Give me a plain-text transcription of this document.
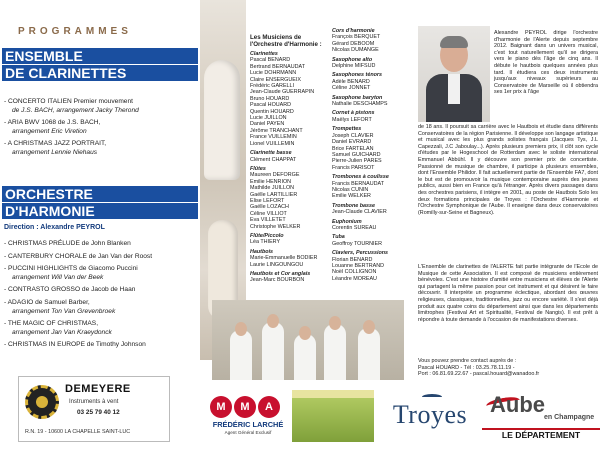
PROGRAMMES
ENSEMBLE
DE CLARINETTES
- CONCERTO ITALIEN Premier mouvement
de J.S. BACH, arrangement Jacky Therond
- ARIA BWV 1068 de J.S. BACH,
arrangement Eric Viretion
- A CHRISTMAS JAZZ PORTRAIT,
arrangement Lennie Niehaus
ORCHESTRE
D'HARMONIE
Direction : Alexandre PEYROL
- CHRISTMAS PRÉLUDE de John Blanken
- CANTERBURY CHORALE de Jan Van der Roost
- PUCCINI HIGHLIGHTS de Giacomo Puccini
arrangement Will Van der Beek
- CONTRASTO GROSSO de Jacob de Haan
- ADAGIO de Samuel Barber,
arrangement Ton Van Grevenbroek
- THE MAGIC OF CHRISTMAS,
arrangement Jan Van Kraeydonck
- CHRISTMAS IN EUROPE de Timothy Johnson
DEMEYERE
Instruments à vent
03 25 79 40 12
R.N. 19 - 10600 LA CHAPELLE SAINT-LUC
Les Musiciens de l'Orchestre d'Harmonie :
Clarinettes
Pascal BENARD
Bertrand BERNAUDAT
Lucie DOHRMANN
Claire ENSERGUEIX
Frédéric GARELLI
Jean-Claude GUERRAPIN
Bruno HOUARD
Pascal HOUARD
Quentin HOUARD
Lucie JUILLON
Daniel PAYEN
Jérôme TRANCHANT
France VUILLEMIN
Lionel VUILLEMIN
Clarinette basse
Clément CHAPPAT
Flûtes
Maureen DEFORGE
Emilie HENRION
Mathilde JUILLON
Gaëlle LARTILLIER
Elise LEFORT
Gaëlle LOZACH
Céline VILLIOT
Eva VILLETET
Christophe WELKER
Flûte/Piccolo
Léa THIERY
Hautbois
Marie-Emmanuelle BODIER
Laurie LINGOUNGOU
Hautbois et Cor anglais
Jean-Marc BOURBON
Cors d'harmonie
François BERQUET
Gérard DEBOOM
Nicolas DUMANGE
Saxophone alto
Delphine MIFSUD
Saxophones ténors
Adèle BENARD
Céline JONNET
Saxophone baryton
Nathalie DESCHAMPS
Cornet à pistons
Maëlys LEFORT
Trompettes
Joseph CLAVIER
Daniel EVRARD
Brice FARTELAN
Samuel GUICHARD
Pierre-Julien PARES
Francis PARISOT
Trombones à coulisse
Francis BERNAUDAT
Nicolas CUNIN
Emilie WELKER
Trombone basse
Jean-Claude CLAVIER
Euphonium
Corentin SUREAU
Tuba
Geoffroy TOURNIER
Claviers, Percussions
Florian BENARD
Louanne BERTRAND
Noël COLLIGNON
Léandre MOREAU
Alexandre PEYROL dirige l'orchestre d'harmonie de l'Alerte depuis septembre 2012. Baignant dans un univers musical, c'est tout naturellement qu'il se dirigera vers le piano dès l'âge de cinq ans. Il débute le hautbois quelques années plus tard. Il étudiera ces deux instruments jusqu'aux niveaux supérieurs au Conservatoire de Marseille où il obtiendra ses 1er prix à l'âge
de 18 ans. Il poursuit sa carrière avec le Hautbois et étudie dans différents Conservatoires de la région Parisienne. Il développe son langage artistique et musical avec les plus grands solistes français (Jacques Tys, J.L Capezzali, J.C Jaboulay...). Après plusieurs premiers prix, il clôt son cycle d'études par le Hogeschool de Rotterdam avec le soliste international Emmanuel Abbühl. Il y découvre son premier prix de concertiste. Passionné de musique de chambre, il participe à plusieurs ensembles, dont l'Ensemble Philidor. Il fait actuellement partie de l'Ensemble FA7, dont le but est de promouvoir la musique contemporaine auprès des jeunes publics, aussi bien en France qu'à l'étranger. Après divers passages dans des orchestres parisiens, il intègre en 2001, au poste de Hautbois Solo les deux formations principales de Troyes : l'Orchestre d'Harmonie et l'Orchestre Symphonique de l'Aube. Il enseigne dans deux conservatoires (Romilly-sur-Seine et Bagneux).
L'Ensemble de clarinettes de l'ALERTE fait partie intégrante de l'Ecole de Musique de cette Association. Il est composé de musiciens entièrement bénévoles. C'est une histoire d'amitié entre musiciens et élèves de l'Alerte qui partagent la même passion pour cet instrument et qui désirent le faire découvrir. Il interprète un programme éclectique, abordant des œuvres religieuses, classiques, traditionnelles, jazz ou encore variété. Il s'est déjà produit aux quatre coins du département ainsi que dans les départements limitrophes (Festival Art et Spiritualité, Festival de Nangis). Il est prêt à répondre à toute demande à l'occasion de manifestations diverses.
Vous pouvez prendre contact auprès de :
Pascal HOUARD - Tél : 03.25.78.11.19 -
Port : 06.81.69.22.67 - pascal.houard@wanadoo.fr
M	M	A
FRÉDÉRIC LARCHÉ
Agent Général Exclusif
Troyes	Aube
en Champagne
LE DÉPARTEMENT
